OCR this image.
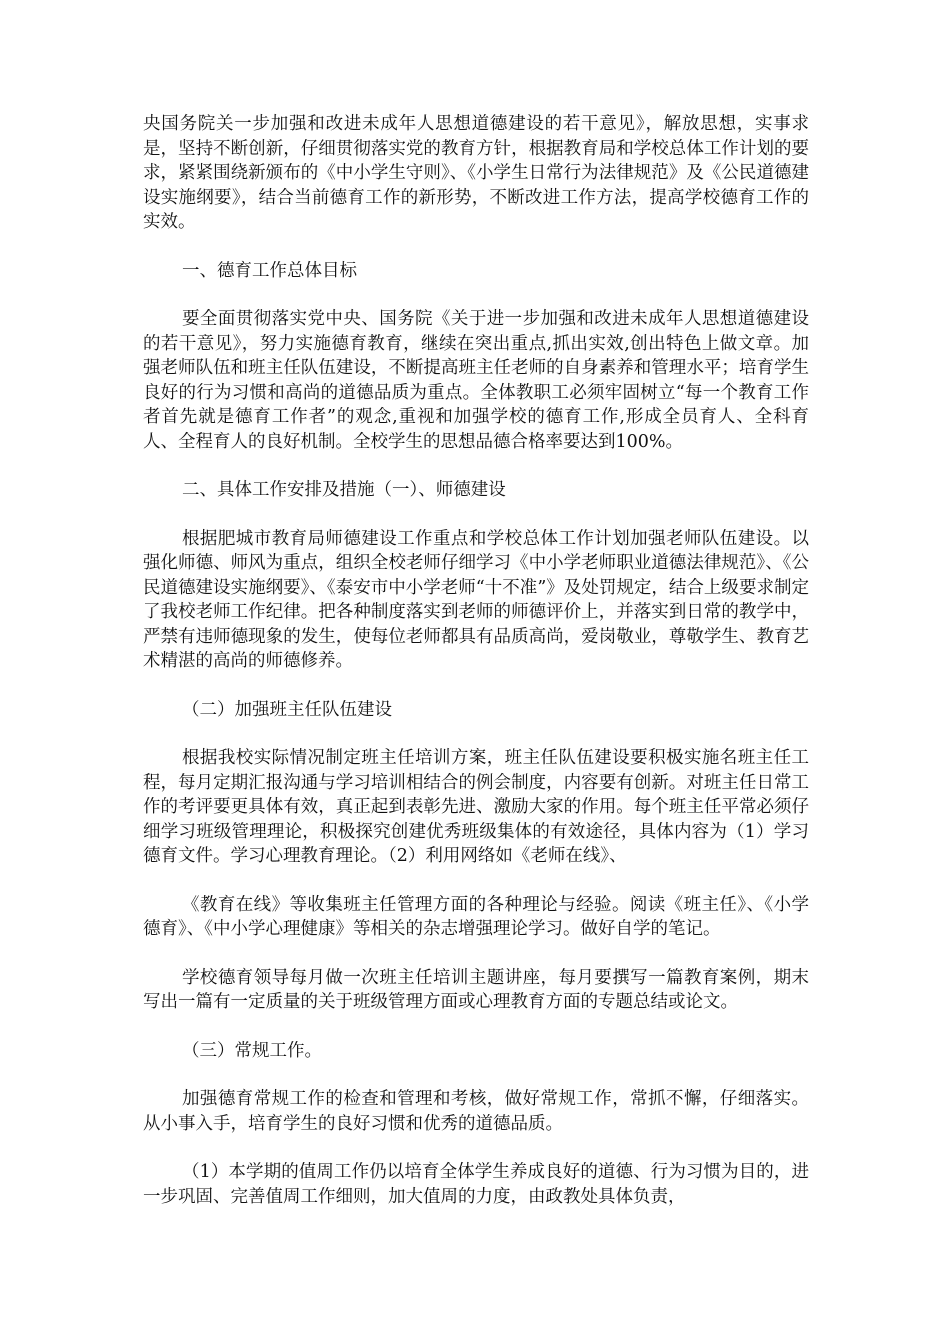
央国务院关一步加强和改进未成年人思想道德建设的若干意见》，解放思想，实事求是，坚持不断创新，仔细贯彻落实党的教育方针，根据教育局和学校总体工作计划的要求，紧紧围绕新颁布的《中小学生守则》、《小学生日常行为法律规范》及《公民道德建设实施纲要》，结合当前德育工作的新形势，不断改进工作方法，提高学校德育工作的实效。

一、德育工作总体目标

要全面贯彻落实党中央、国务院《关于进一步加强和改进未成年人思想道德建设的若干意见》，努力实施德育教育，继续在突出重点,抓出实效,创出特色上做文章。加强老师队伍和班主任队伍建设，不断提高班主任老师的自身素养和管理水平；培育学生良好的行为习惯和高尚的道德品质为重点。全体教职工必须牢固树立“每一个教育工作者首先就是德育工作者”的观念,重视和加强学校的德育工作,形成全员育人、全科育人、全程育人的良好机制。全校学生的思想品德合格率要达到100%。

二、具体工作安排及措施（一）、师德建设

根据肥城市教育局师德建设工作重点和学校总体工作计划加强老师队伍建设。以强化师德、师风为重点，组织全校老师仔细学习《中小学老师职业道德法律规范》、《公民道德建设实施纲要》、《泰安市中小学老师“十不准”》及处罚规定，结合上级要求制定了我校老师工作纪律。把各种制度落实到老师的师德评价上，并落实到日常的教学中，严禁有违师德现象的发生，使每位老师都具有品质高尚，爱岗敬业，尊敬学生、教育艺术精湛的高尚的师德修养。

（二）加强班主任队伍建设

根据我校实际情况制定班主任培训方案，班主任队伍建设要积极实施名班主任工程，每月定期汇报沟通与学习培训相结合的例会制度，内容要有创新。对班主任日常工作的考评要更具体有效，真正起到表彰先进、激励大家的作用。每个班主任平常必须仔细学习班级管理理论，积极探究创建优秀班级集体的有效途径，具体内容为（1）学习德育文件。学习心理教育理论。（2）利用网络如《老师在线》、

《教育在线》等收集班主任管理方面的各种理论与经验。阅读《班主任》、《小学德育》、《中小学心理健康》等相关的杂志增强理论学习。做好自学的笔记。

学校德育领导每月做一次班主任培训主题讲座，每月要撰写一篇教育案例，期末写出一篇有一定质量的关于班级管理方面或心理教育方面的专题总结或论文。

（三）常规工作。

加强德育常规工作的检查和管理和考核，做好常规工作，常抓不懈，仔细落实。从小事入手，培育学生的良好习惯和优秀的道德品质。

（1）本学期的值周工作仍以培育全体学生养成良好的道德、行为习惯为目的，进一步巩固、完善值周工作细则，加大值周的力度，由政教处具体负责，
